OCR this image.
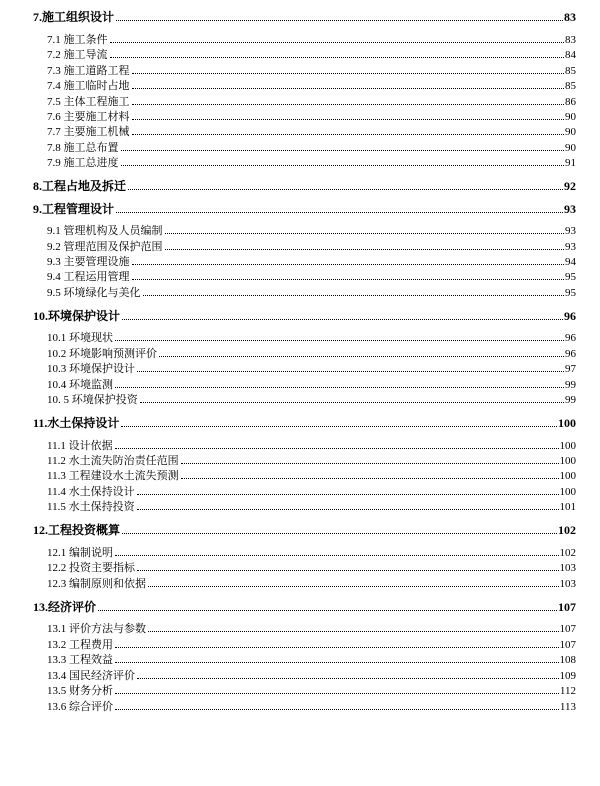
7.施工组织设计	83
7.1 施工条件	83
7.2 施工导流	84
7.3 施工道路工程	85
7.4 施工临时占地	85
7.5 主体工程施工	86
7.6 主要施工材料	90
7.7 主要施工机械	90
7.8 施工总布置	90
7.9 施工总进度	91
8.工程占地及拆迁	92
9.工程管理设计	93
9.1 管理机构及人员编制	93
9.2 管理范围及保护范围	93
9.3 主要管理设施	94
9.4 工程运用管理	95
9.5 环境绿化与美化	95
10.环境保护设计	96
10.1 环境现状	96
10.2 环境影响预测评价	96
10.3 环境保护设计	97
10.4 环境监测	99
10. 5 环境保护投资	99
11.水土保持设计	100
11.1 设计依据	100
11.2 水土流失防治责任范围	100
11.3 工程建设水土流失预测	100
11.4 水土保持设计	100
11.5 水土保持投资	101
12.工程投资概算	102
12.1 编制说明	102
12.2 投资主要指标	103
12.3 编制原则和依据	103
13.经济评价	107
13.1 评价方法与参数	107
13.2 工程费用	107
13.3 工程效益	108
13.4 国民经济评价	109
13.5 财务分析	112
13.6 综合评价	113
